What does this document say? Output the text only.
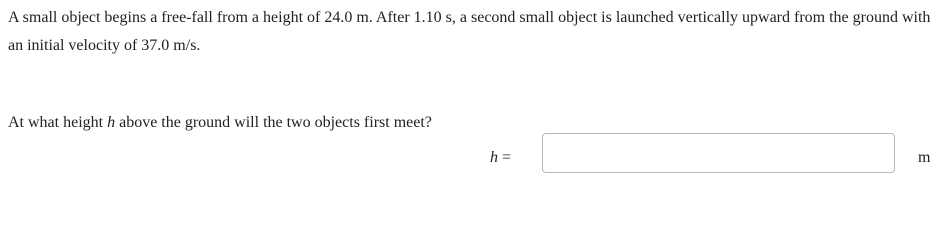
A small object begins a free-fall from a height of 24.0 m. After 1.10 s, a second small object is launched vertically upward from the ground with an initial velocity of 37.0 m/s.

At what height h above the ground will the two objects first meet?

h =	m
